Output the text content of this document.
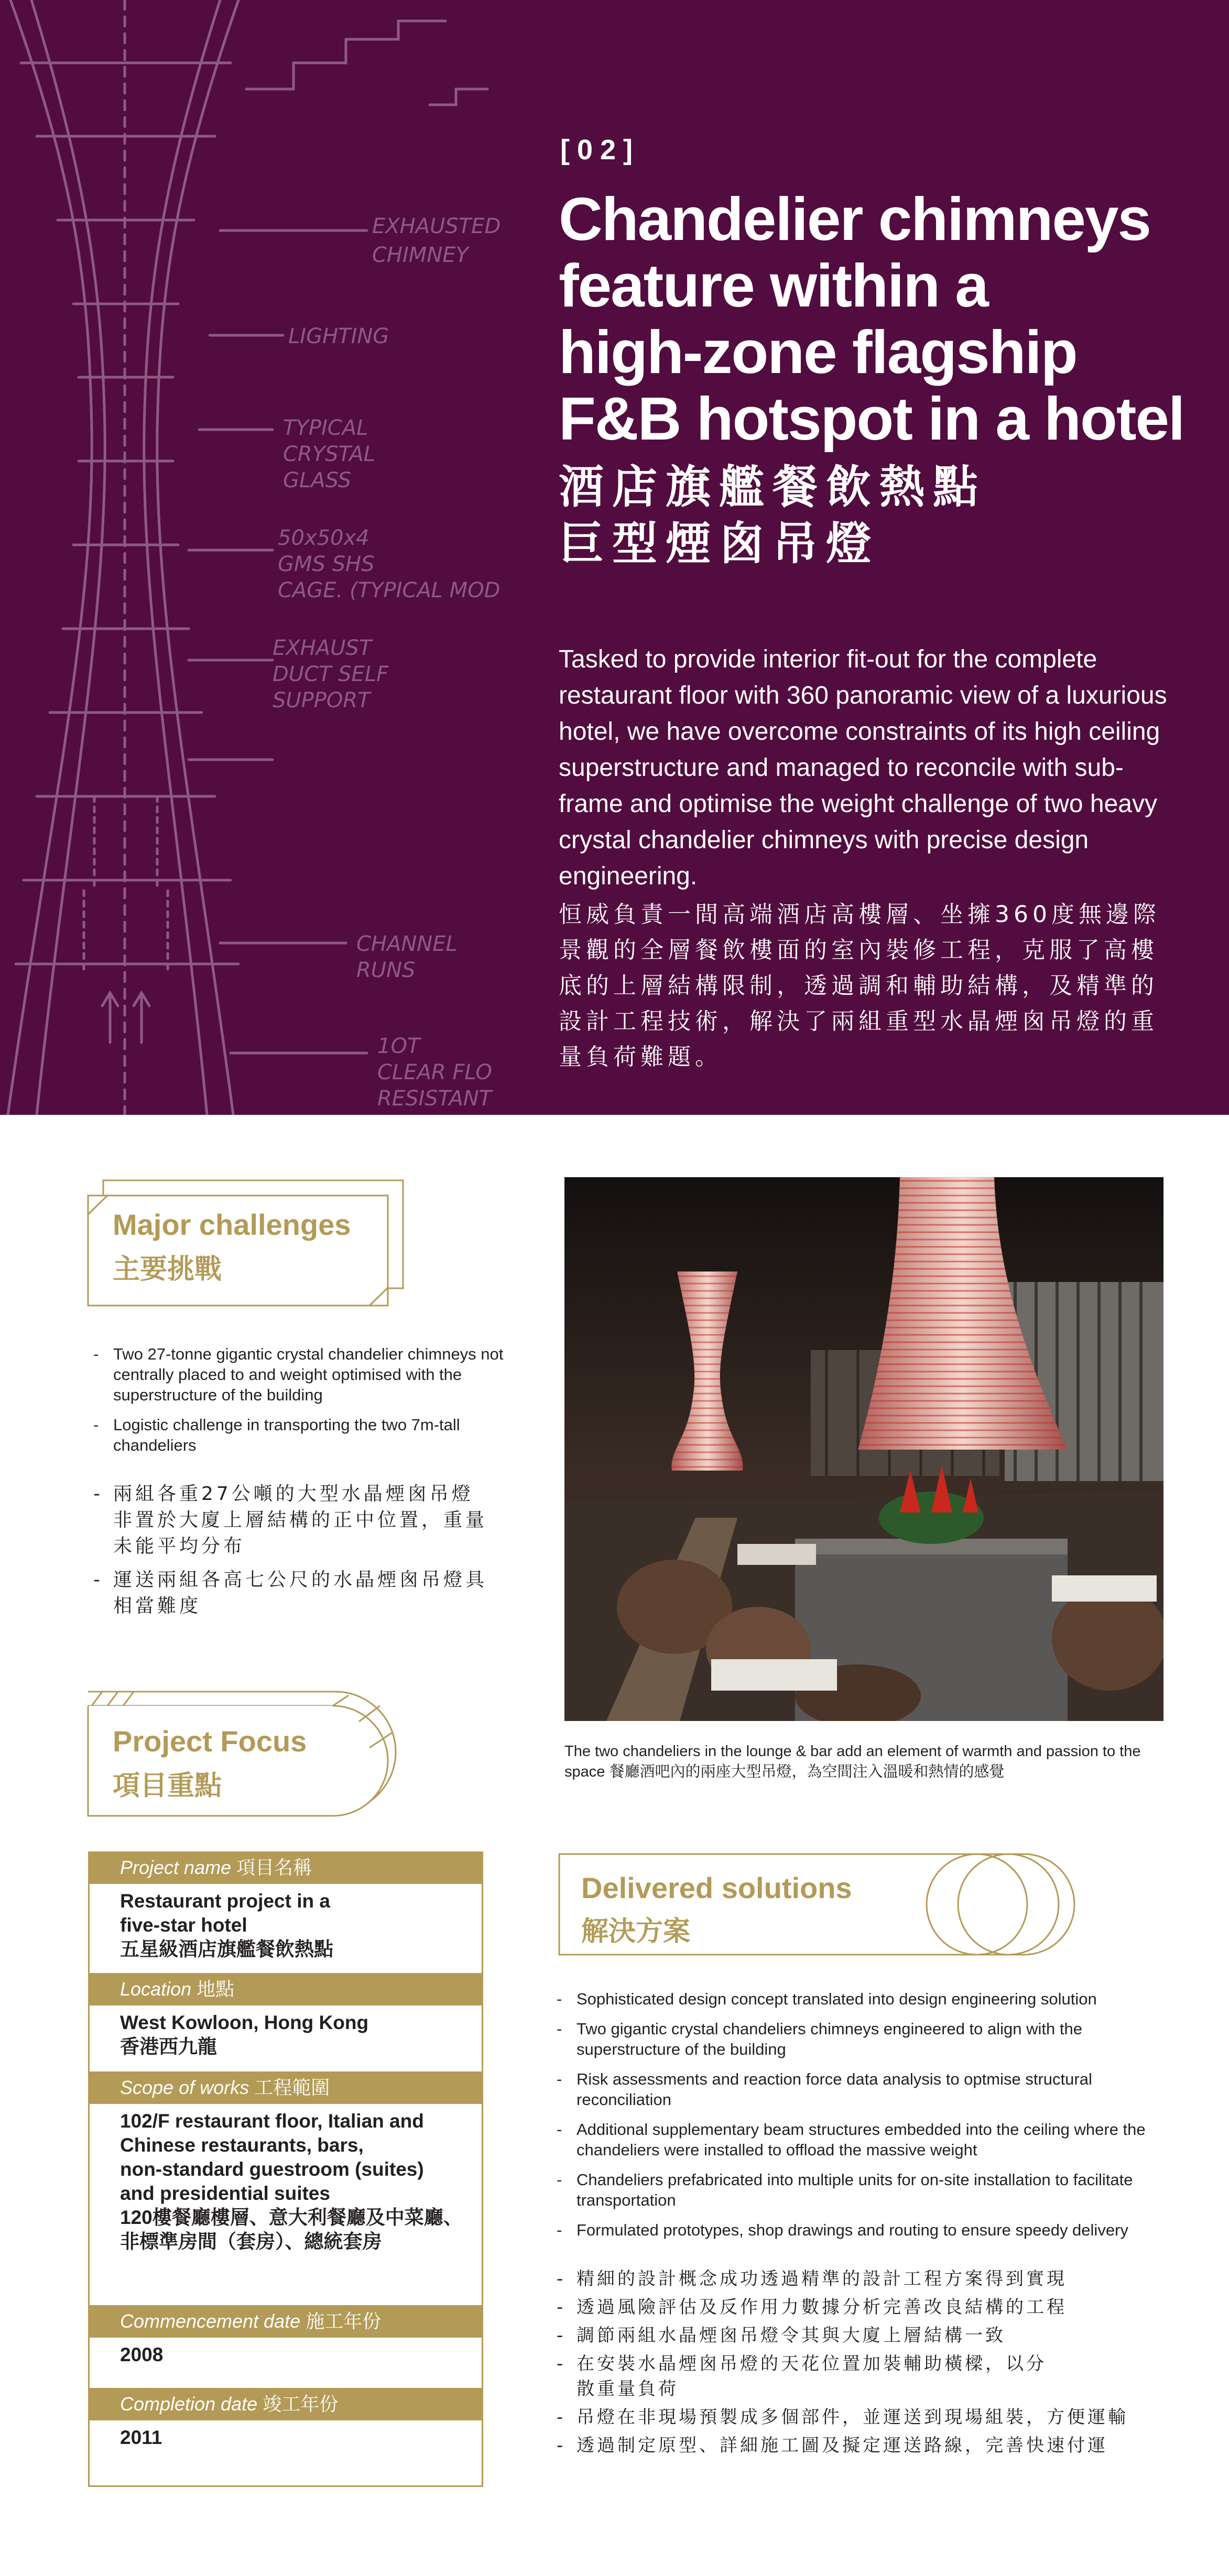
EXHAUSTED
CHIMNEY
LIGHTING
TYPICAL
CRYSTAL
GLASS
50x50x4
GMS SHS
CAGE. (TYPICAL MOD
EXHAUST
DUCT SELF
SUPPORT
CHANNEL
RUNS
1OT
CLEAR FLO
RESISTANT
[02]
Chandelier chimneys
feature within a
high-zone flagship
F&B hotspot in a hotel
酒店旗艦餐飲熱點
巨型煙囪吊燈

Tasked to provide interior fit-out for the complete restaurant floor with 360 panoramic view of a luxurious hotel, we have overcome constraints of its high ceiling superstructure and managed to reconcile with sub-frame and optimise the weight challenge of two heavy crystal chandelier chimneys with precise design engineering.

恒威負責一間高端酒店高樓層、坐擁360度無邊際景觀的全層餐飲樓面的室內裝修工程，克服了高樓底的上層結構限制，透過調和輔助結構，及精準的設計工程技術，解決了兩組重型水晶煙囪吊燈的重量負荷難題。

Major challenges
主要挑戰
- Two 27-tonne gigantic crystal chandelier chimneys not centrally placed to and weight optimised with the superstructure of the building
- Logistic challenge in transporting the two 7m-tall chandeliers
- 兩組各重27公噸的大型水晶煙囪吊燈非置於大廈上層結構的正中位置，重量未能平均分布
- 運送兩組各高七公尺的水晶煙囪吊燈具相當難度

The two chandeliers in the lounge & bar add an element of warmth and passion to the space 餐廳酒吧內的兩座大型吊燈，為空間注入溫暖和熱情的感覺

Project Focus
項目重點
Project name 項目名稱
Restaurant project in a
five-star hotel
五星級酒店旗艦餐飲熱點
Location 地點
West Kowloon, Hong Kong
香港西九龍
Scope of works 工程範圍
102/F restaurant floor, Italian and
Chinese restaurants, bars,
non-standard guestroom (suites)
and presidential suites
120樓餐廳樓層、意大利餐廳及中菜廳、非標準房間（套房）、總統套房
Commencement date 施工年份
2008
Completion date 竣工年份
2011
Delivered solutions
解決方案
- Sophisticated design concept translated into design engineering solution
- Two gigantic crystal chandeliers chimneys engineered to align with the superstructure of the building
- Risk assessments and reaction force data analysis to optmise structural reconciliation
- Additional supplementary beam structures embedded into the ceiling where the chandeliers were installed to offload the massive weight
- Chandeliers prefabricated into multiple units for on-site installation to facilitate transportation
- Formulated prototypes, shop drawings and routing to ensure speedy delivery
- 精細的設計概念成功透過精準的設計工程方案得到實現
- 透過風險評估及反作用力數據分析完善改良結構的工程
- 調節兩組水晶煙囪吊燈令其與大廈上層結構一致
- 在安裝水晶煙囪吊燈的天花位置加裝輔助橫樑，以分散重量負荷
- 吊燈在非現場預製成多個部件，並運送到現場組裝，方便運輸
- 透過制定原型、詳細施工圖及擬定運送路線，完善快速付運
